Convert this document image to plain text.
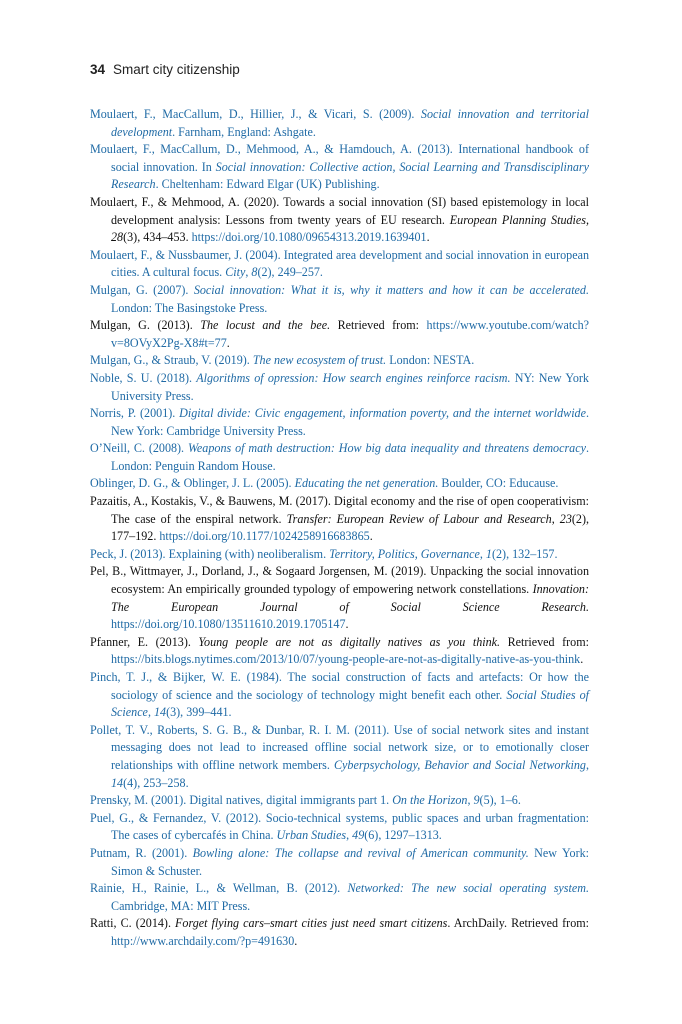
34 Smart city citizenship
Moulaert, F., MacCallum, D., Hillier, J., & Vicari, S. (2009). Social innovation and territorial development. Farnham, England: Ashgate.
Moulaert, F., MacCallum, D., Mehmood, A., & Hamdouch, A. (2013). International handbook of social innovation. In Social innovation: Collective action, Social Learning and Transdisciplinary Research. Cheltenham: Edward Elgar (UK) Publishing.
Moulaert, F., & Mehmood, A. (2020). Towards a social innovation (SI) based epistemology in local development analysis: Lessons from twenty years of EU research. European Planning Studies, 28(3), 434–453. https://doi.org/10.1080/09654313.2019.1639401.
Moulaert, F., & Nussbaumer, J. (2004). Integrated area development and social innovation in european cities. A cultural focus. City, 8(2), 249–257.
Mulgan, G. (2007). Social innovation: What it is, why it matters and how it can be accelerated. London: The Basingstoke Press.
Mulgan, G. (2013). The locust and the bee. Retrieved from: https://www.youtube.com/watch?v=8OVyX2Pg-X8#t=77.
Mulgan, G., & Straub, V. (2019). The new ecosystem of trust. London: NESTA.
Noble, S. U. (2018). Algorithms of opression: How search engines reinforce racism. NY: New York University Press.
Norris, P. (2001). Digital divide: Civic engagement, information poverty, and the internet worldwide. New York: Cambridge University Press.
O’Neill, C. (2008). Weapons of math destruction: How big data inequality and threatens democracy. London: Penguin Random House.
Oblinger, D. G., & Oblinger, J. L. (2005). Educating the net generation. Boulder, CO: Educause.
Pazaitis, A., Kostakis, V., & Bauwens, M. (2017). Digital economy and the rise of open cooperativism: The case of the enspiral network. Transfer: European Review of Labour and Research, 23(2), 177–192. https://doi.org/10.1177/1024258916683865.
Peck, J. (2013). Explaining (with) neoliberalism. Territory, Politics, Governance, 1(2), 132–157.
Pel, B., Wittmayer, J., Dorland, J., & Sogaard Jorgensen, M. (2019). Unpacking the social innovation ecosystem: An empirically grounded typology of empowering network constellations. Innovation: The European Journal of Social Science Research. https://doi.org/10.1080/13511610.2019.1705147.
Pfanner, E. (2013). Young people are not as digitally natives as you think. Retrieved from: https://bits.blogs.nytimes.com/2013/10/07/young-people-are-not-as-digitally-native-as-you-think.
Pinch, T. J., & Bijker, W. E. (1984). The social construction of facts and artefacts: Or how the sociology of science and the sociology of technology might benefit each other. Social Studies of Science, 14(3), 399–441.
Pollet, T. V., Roberts, S. G. B., & Dunbar, R. I. M. (2011). Use of social network sites and instant messaging does not lead to increased offline social network size, or to emotionally closer relationships with offline network members. Cyberpsychology, Behavior and Social Networking, 14(4), 253–258.
Prensky, M. (2001). Digital natives, digital immigrants part 1. On the Horizon, 9(5), 1–6.
Puel, G., & Fernandez, V. (2012). Socio-technical systems, public spaces and urban fragmentation: The cases of cybercafés in China. Urban Studies, 49(6), 1297–1313.
Putnam, R. (2001). Bowling alone: The collapse and revival of American community. New York: Simon & Schuster.
Rainie, H., Rainie, L., & Wellman, B. (2012). Networked: The new social operating system. Cambridge, MA: MIT Press.
Ratti, C. (2014). Forget flying cars–smart cities just need smart citizens. ArchDaily. Retrieved from: http://www.archdaily.com/?p=491630.
